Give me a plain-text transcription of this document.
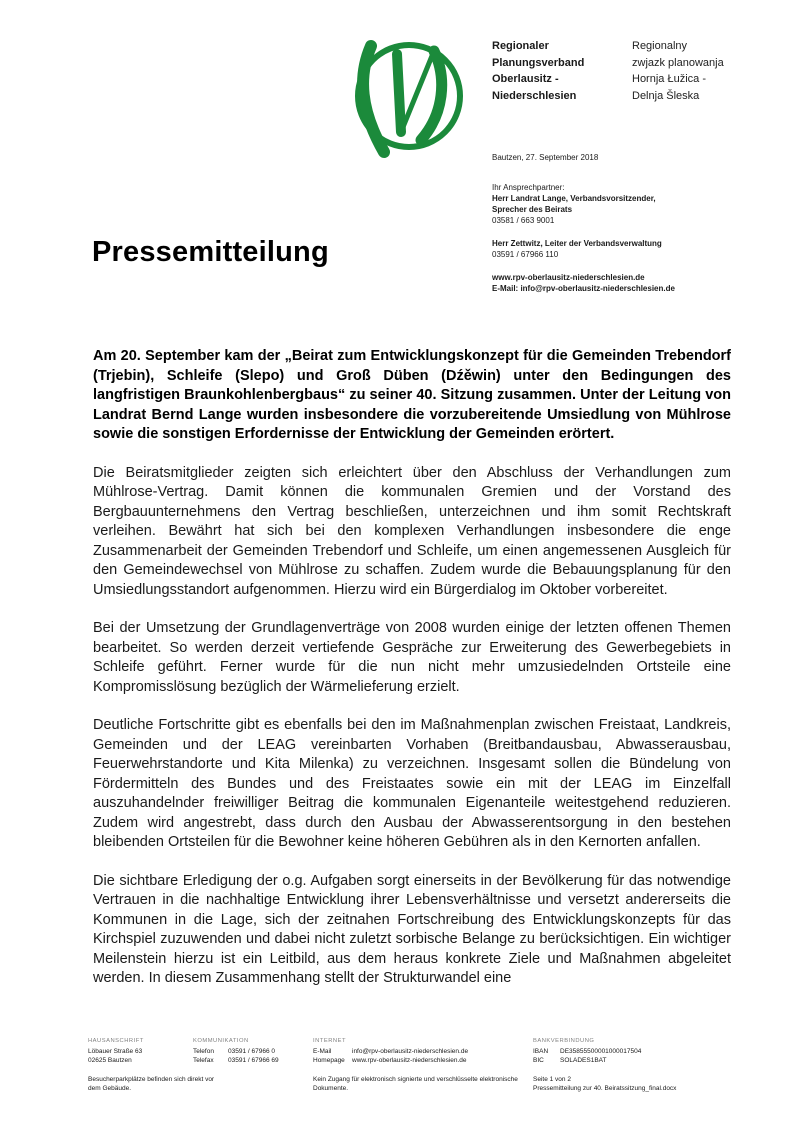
Regionaler
Planungsverband
Oberlausitz -
Niederschlesien
Regionalny
zwjazk planowanja
Hornja Łužica -
Delnja Šleska
Bautzen, 27. September 2018
Ihr Ansprechpartner:
Herr Landrat Lange, Verbandsvorsitzender,
Sprecher des Beirats
03581 / 663 9001
Herr Zettwitz, Leiter der Verbandsverwaltung
03591 / 67966 110
www.rpv-oberlausitz-niederschlesien.de
E-Mail: info@rpv-oberlausitz-niederschlesien.de
Pressemitteilung

Am 20. September kam der „Beirat zum Entwicklungskonzept für die Gemeinden Trebendorf (Trjebin), Schleife (Slepo) und Groß Düben (Dźěwin) unter den Bedingungen des langfristigen Braunkohlenbergbaus“ zu seiner 40. Sitzung zusammen. Unter der Leitung von Landrat Bernd Lange wurden insbesondere die vorzubereitende Umsiedlung von Mühlrose sowie die sonstigen Erfordernisse der Entwicklung der Gemeinden erörtert.

Die Beiratsmitglieder zeigten sich erleichtert über den Abschluss der Verhandlungen zum Mühlrose-Vertrag. Damit können die kommunalen Gremien und der Vorstand des Bergbauunternehmens den Vertrag beschließen, unterzeichnen und ihm somit Rechtskraft verleihen. Bewährt hat sich bei den komplexen Verhandlungen insbesondere die enge Zusammenarbeit der Gemeinden Trebendorf und Schleife, um einen angemessenen Ausgleich für den Gemeindewechsel von Mühlrose zu schaffen. Zudem wurde die Bebauungsplanung für den Umsiedlungsstandort aufgenommen. Hierzu wird ein Bürgerdialog im Oktober vorbereitet.

Bei der Umsetzung der Grundlagenverträge von 2008 wurden einige der letzten offenen Themen bearbeitet. So werden derzeit vertiefende Gespräche zur Erweiterung des Gewerbegebiets in Schleife geführt. Ferner wurde für die nun nicht mehr umzusiedelnden Ortsteile eine Kompromisslösung bezüglich der Wärmelieferung erzielt.

Deutliche Fortschritte gibt es ebenfalls bei den im Maßnahmenplan zwischen Freistaat, Landkreis, Gemeinden und der LEAG vereinbarten Vorhaben (Breitbandausbau, Abwasserausbau, Feuerwehrstandorte und Kita Milenka) zu verzeichnen. Insgesamt sollen die Bündelung von Fördermitteln des Bundes und des Freistaates sowie ein mit der LEAG im Einzelfall auszuhandelnder freiwilliger Beitrag die kommunalen Eigenanteile weitestgehend reduzieren. Zudem wird angestrebt, dass durch den Ausbau der Abwasserentsorgung in den bestehen bleibenden Ortsteilen für die Bewohner keine höheren Gebühren als in den Kernorten anfallen.

Die sichtbare Erledigung der o.g. Aufgaben sorgt einerseits in der Bevölkerung für das notwendige Vertrauen in die nachhaltige Entwicklung ihrer Lebensverhältnisse und versetzt andererseits die Kommunen in die Lage, sich der zeitnahen Fortschreibung des Entwicklungskonzepts für das Kirchspiel zuzuwenden und dabei nicht zuletzt sorbische Belange zu berücksichtigen. Ein wichtiger Meilenstein hierzu ist ein Leitbild, aus dem heraus konkrete Ziele und Maßnahmen abgeleitet werden. In diesem Zusammenhang stellt der Strukturwandel eine

HAUSANSCHRIFT
Löbauer Straße 63
02625 Bautzen
Besucherparkplätze befinden sich direkt vor dem Gebäude.
KOMMUNIKATION
Telefon	03591 / 67966 0
Telefax	03591 / 67966 69
INTERNET
E-Mail	info@rpv-oberlausitz-niederschlesien.de
Homepage	www.rpv-oberlausitz-niederschlesien.de
Kein Zugang für elektronisch signierte und verschlüsselte elektronische Dokumente.
BANKVERBINDUNG
IBAN	DE35855500001000017504
BIC	SOLADES1BAT
Seite 1 von 2
Pressemitteilung zur 40. Beiratssitzung_final.docx
